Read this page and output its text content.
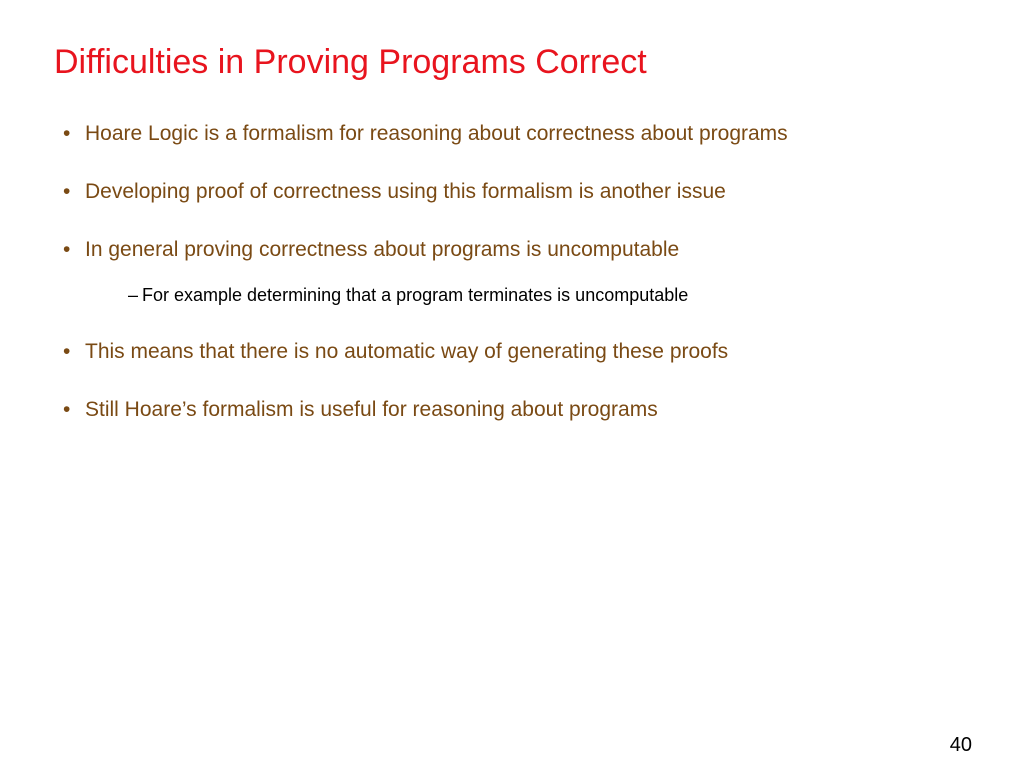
Difficulties in Proving Programs Correct

• Hoare Logic is a formalism for reasoning about correctness about programs

• Developing proof of correctness using this formalism is another issue

• In general proving correctness about programs is uncomputable

– For example determining that a program terminates is uncomputable

• This means that there is no automatic way of generating these proofs

• Still Hoare’s formalism is useful for reasoning about programs

40
